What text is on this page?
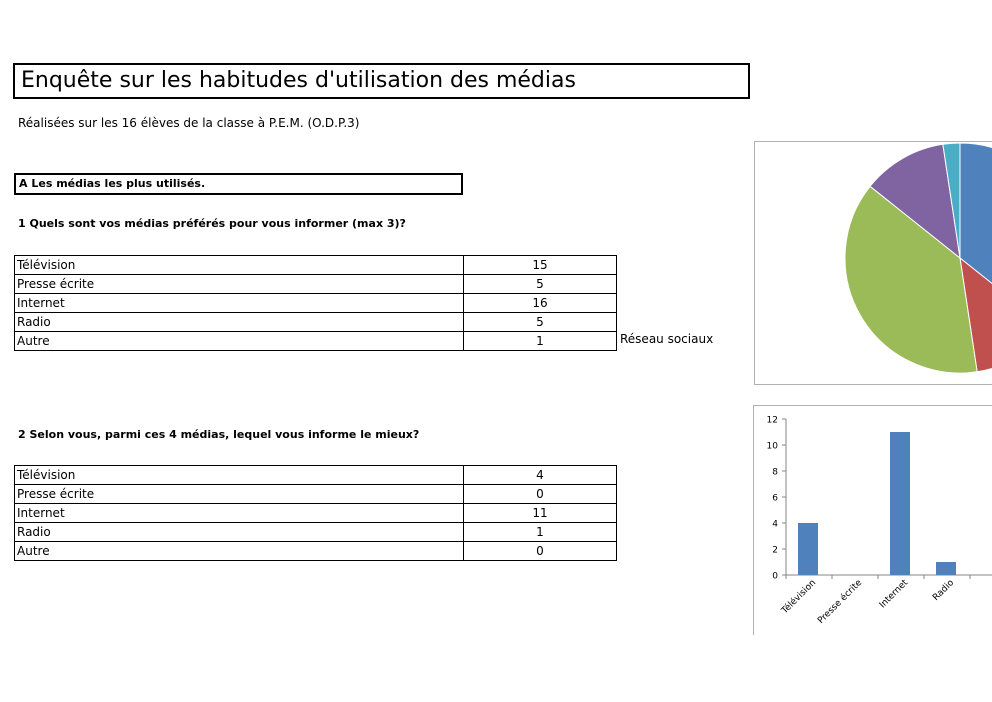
Enquête sur les habitudes d'utilisation des médias
Réalisées sur les 16 élèves de la classe à P.E.M. (O.D.P.3)
A Les médias les plus utilisés.
1 Quels sont vos médias préférés pour vous informer (max 3)?
Télévision	15
Presse écrite	5
Internet	16
Radio	5
Autre	1	Réseau sociaux
2 Selon vous, parmi ces 4 médias, lequel vous informe le mieux?
Télévision	4
Presse écrite	0
Internet	11
Radio	1
Autre	0
0
2
4
6
8
10
12
Télévision
Presse écrite Internet Radio
